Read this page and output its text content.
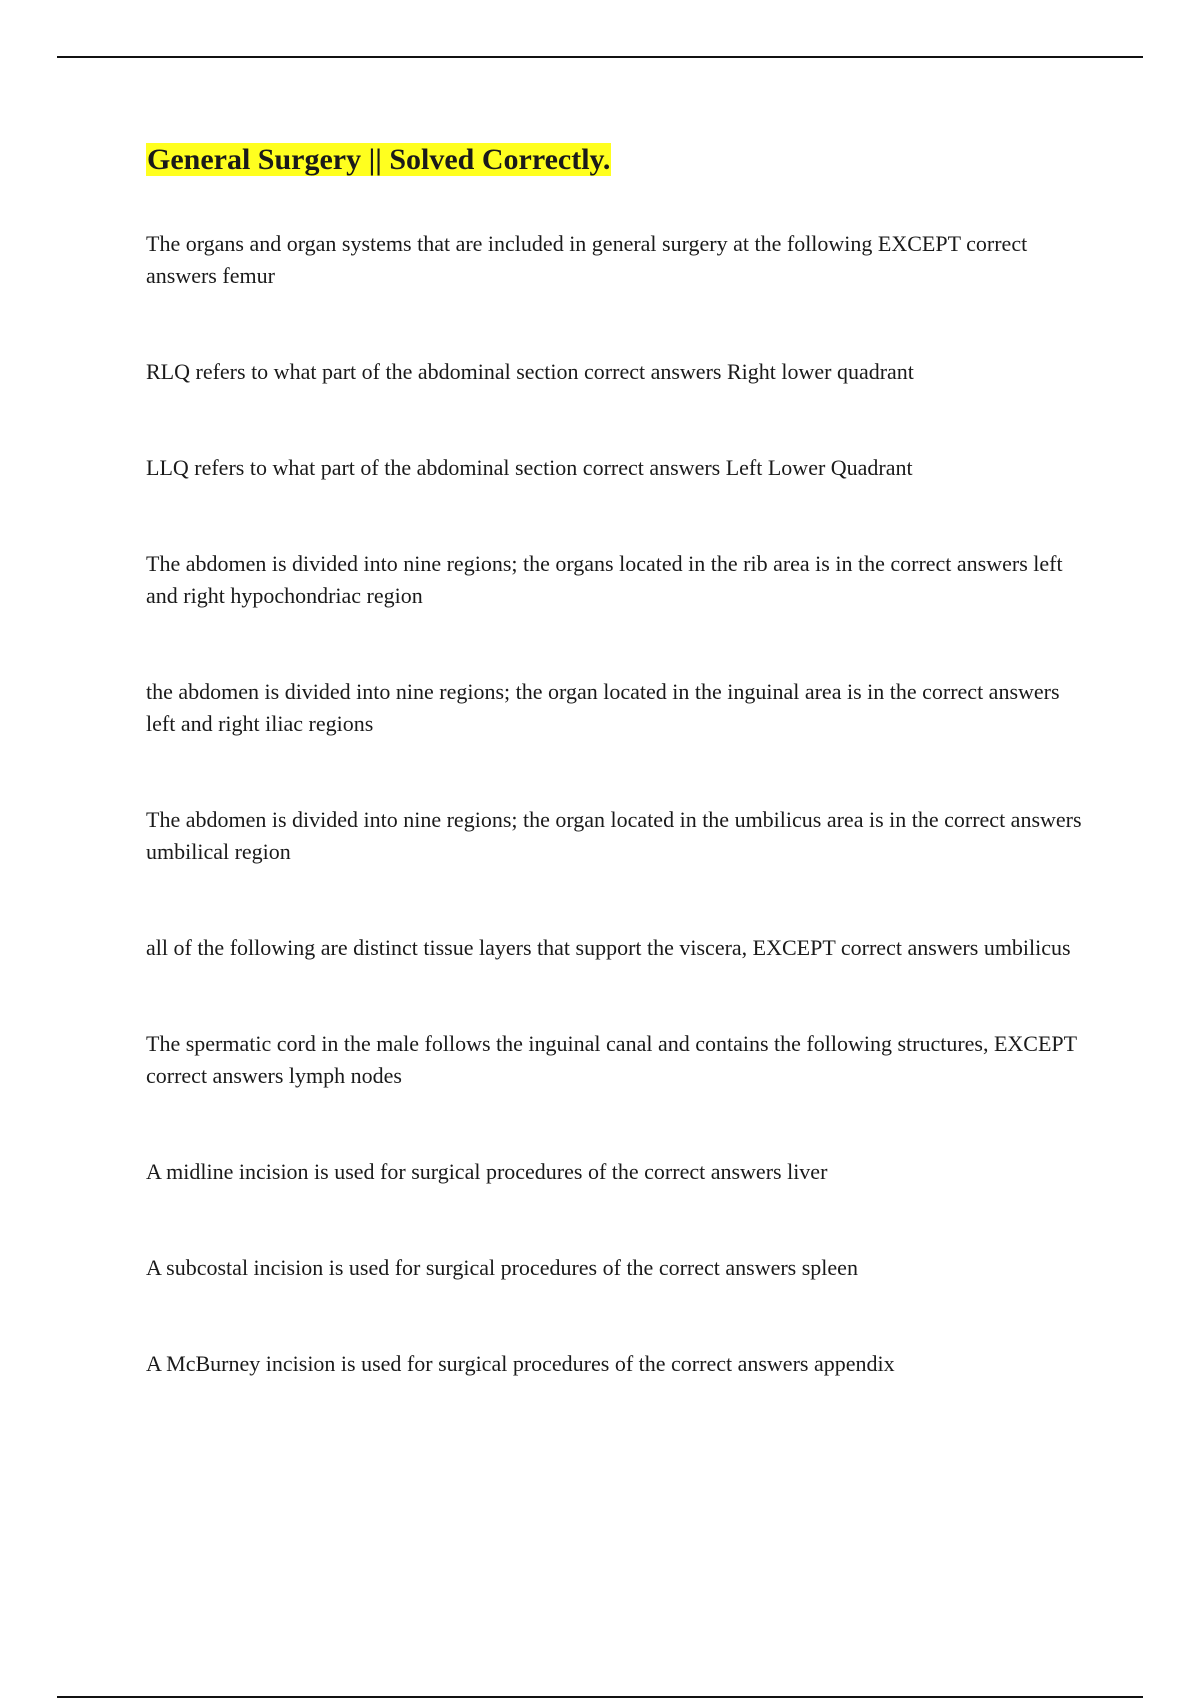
General Surgery || Solved Correctly.
The organs and organ systems that are included in general surgery at the following EXCEPT correct answers femur
RLQ refers to what part of the abdominal section correct answers Right lower quadrant
LLQ refers to what part of the abdominal section correct answers Left Lower Quadrant
The abdomen is divided into nine regions; the organs located in the rib area is in the correct answers left and right hypochondriac region
the abdomen is divided into nine regions; the organ located in the inguinal area is in the correct answers left and right iliac regions
The abdomen is divided into nine regions; the organ located in the umbilicus area is in the correct answers umbilical region
all of the following are distinct tissue layers that support the viscera, EXCEPT correct answers umbilicus
The spermatic cord in the male follows the inguinal canal and contains the following structures, EXCEPT correct answers lymph nodes
A midline incision is used for surgical procedures of the correct answers liver
A subcostal incision is used for surgical procedures of the correct answers spleen
A McBurney incision is used for surgical procedures of the correct answers appendix
